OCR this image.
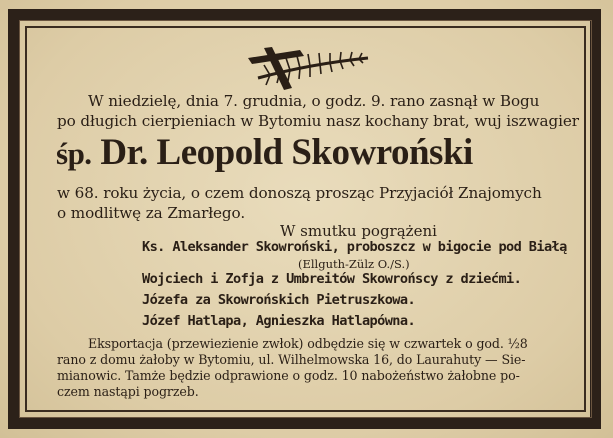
W niedzielę, dnia 7. grudnia, o godz. 9. rano zasnął w Bogu
po długich cierpieniach w Bytomiu nasz kochany brat, wuj iszwagier
śp. Dr. Leopold Skowroński
w 68. roku życia, o czem donoszą prosząc Przyjaciół Znajomych
o modlitwę za Zmarłego.
W smutku pogrążeni
Ks. Aleksander Skowroński, proboszcz w bigocie pod Białą
(Ellguth-Zülz O./S.)
Wojciech i Zofja z Umbreitów Skowrońscy z dziećmi.
Józefa za Skowrońskich Pietruszkowa.
Józef Hatlapa, Agnieszka Hatlapówna.
Eksportacja (przewiezienie zwłok) odbędzie się w czwartek o god. ½8
rano z domu żałoby w Bytomiu, ul. Wilhelmowska 16, do Laurahuty — Sie-
mianowic. Tamże będzie odprawione o godz. 10 nabożeństwo żałobne po-
czem nastąpi pogrzeb.
